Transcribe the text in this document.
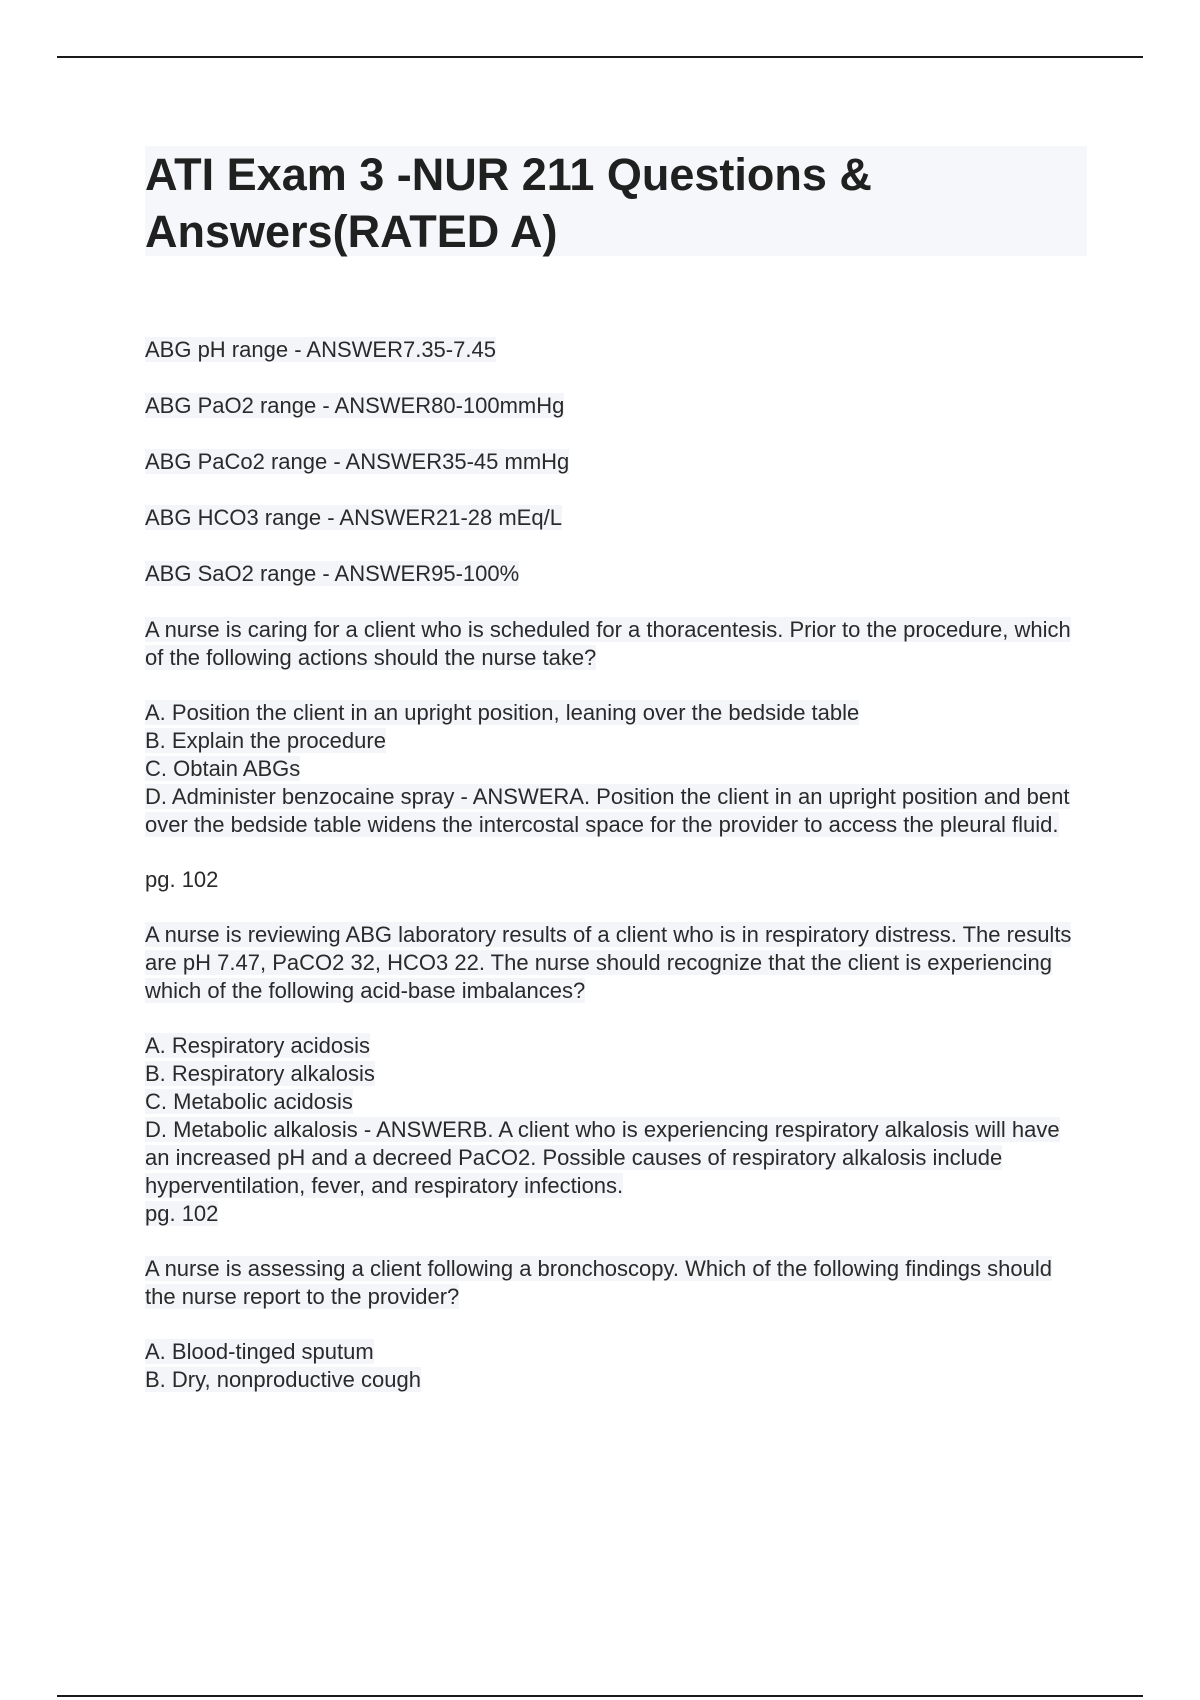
ATI Exam 3 -NUR 211 Questions & Answers(RATED A)
ABG pH range - ANSWER7.35-7.45
ABG PaO2 range - ANSWER80-100mmHg
ABG PaCo2 range - ANSWER35-45 mmHg
ABG HCO3 range - ANSWER21-28 mEq/L
ABG SaO2 range - ANSWER95-100%
A nurse is caring for a client who is scheduled for a thoracentesis. Prior to the procedure, which of the following actions should the nurse take?
A. Position the client in an upright position, leaning over the bedside table
B. Explain the procedure
C. Obtain ABGs
D. Administer benzocaine spray - ANSWERA. Position the client in an upright position and bent over the bedside table widens the intercostal space for the provider to access the pleural fluid.
pg. 102
A nurse is reviewing ABG laboratory results of a client who is in respiratory distress. The results are pH 7.47, PaCO2 32, HCO3 22. The nurse should recognize that the client is experiencing which of the following acid-base imbalances?
A. Respiratory acidosis
B. Respiratory alkalosis
C. Metabolic acidosis
D. Metabolic alkalosis - ANSWERB. A client who is experiencing respiratory alkalosis will have an increased pH and a decreed PaCO2. Possible causes of respiratory alkalosis include hyperventilation, fever, and respiratory infections.
pg. 102
A nurse is assessing a client following a bronchoscopy. Which of the following findings should the nurse report to the provider?
A. Blood-tinged sputum
B. Dry, nonproductive cough
